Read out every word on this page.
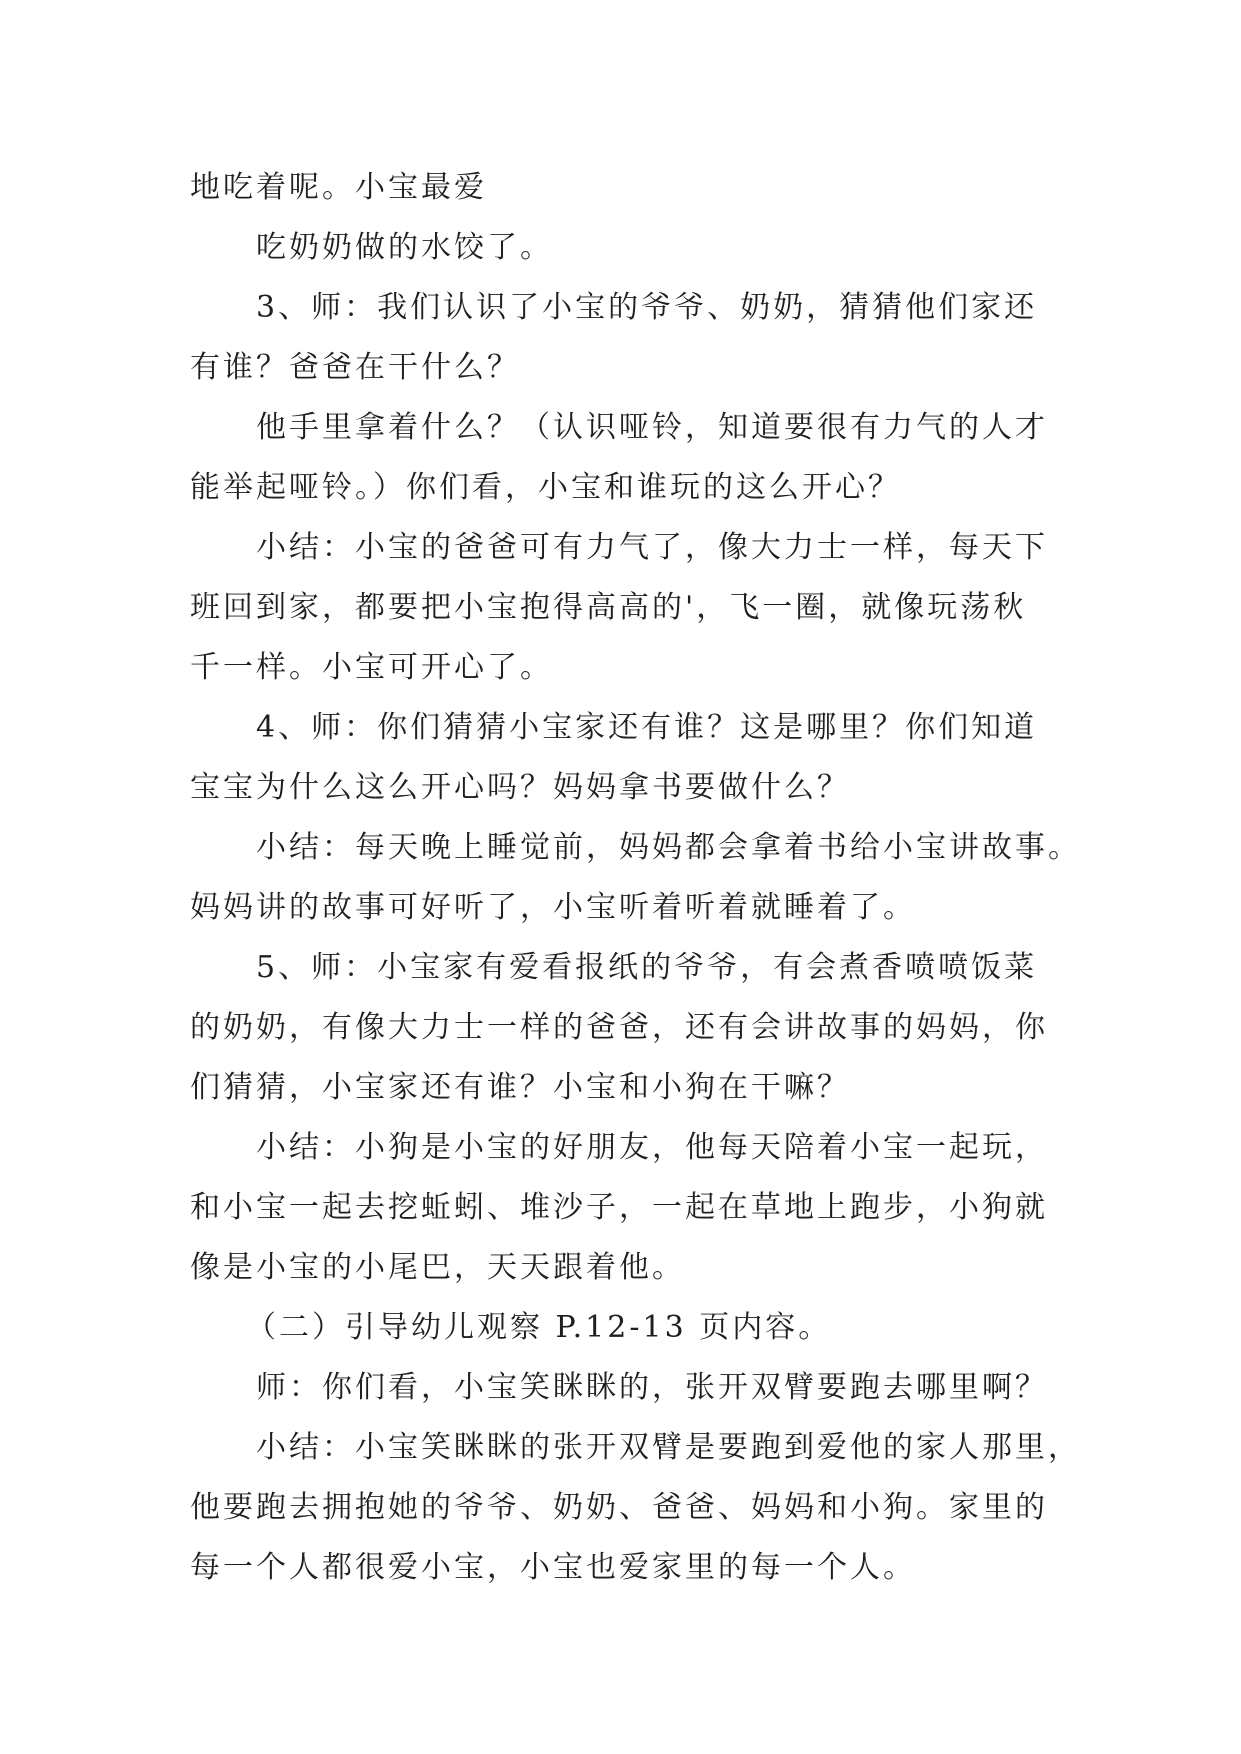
地吃着呢。小宝最爱

吃奶奶做的水饺了。

3、师：我们认识了小宝的爷爷、奶奶，猜猜他们家还

有谁？爸爸在干什么？

他手里拿着什么？（认识哑铃，知道要很有力气的人才

能举起哑铃。）你们看，小宝和谁玩的这么开心？

小结：小宝的爸爸可有力气了，像大力士一样，每天下

班回到家，都要把小宝抱得高高的'，飞一圈，就像玩荡秋

千一样。小宝可开心了。

4、师：你们猜猜小宝家还有谁？这是哪里？你们知道

宝宝为什么这么开心吗？妈妈拿书要做什么？

小结：每天晚上睡觉前，妈妈都会拿着书给小宝讲故事。

妈妈讲的故事可好听了，小宝听着听着就睡着了。

5、师：小宝家有爱看报纸的爷爷，有会煮香喷喷饭菜

的奶奶，有像大力士一样的爸爸，还有会讲故事的妈妈，你

们猜猜，小宝家还有谁？小宝和小狗在干嘛？

小结：小狗是小宝的好朋友，他每天陪着小宝一起玩，

和小宝一起去挖蚯蚓、堆沙子，一起在草地上跑步，小狗就

像是小宝的小尾巴，天天跟着他。

（二）引导幼儿观察 P.12-13 页内容。

师：你们看，小宝笑眯眯的，张开双臂要跑去哪里啊？

小结：小宝笑眯眯的张开双臂是要跑到爱他的家人那里，

他要跑去拥抱她的爷爷、奶奶、爸爸、妈妈和小狗。家里的

每一个人都很爱小宝，小宝也爱家里的每一个人。
